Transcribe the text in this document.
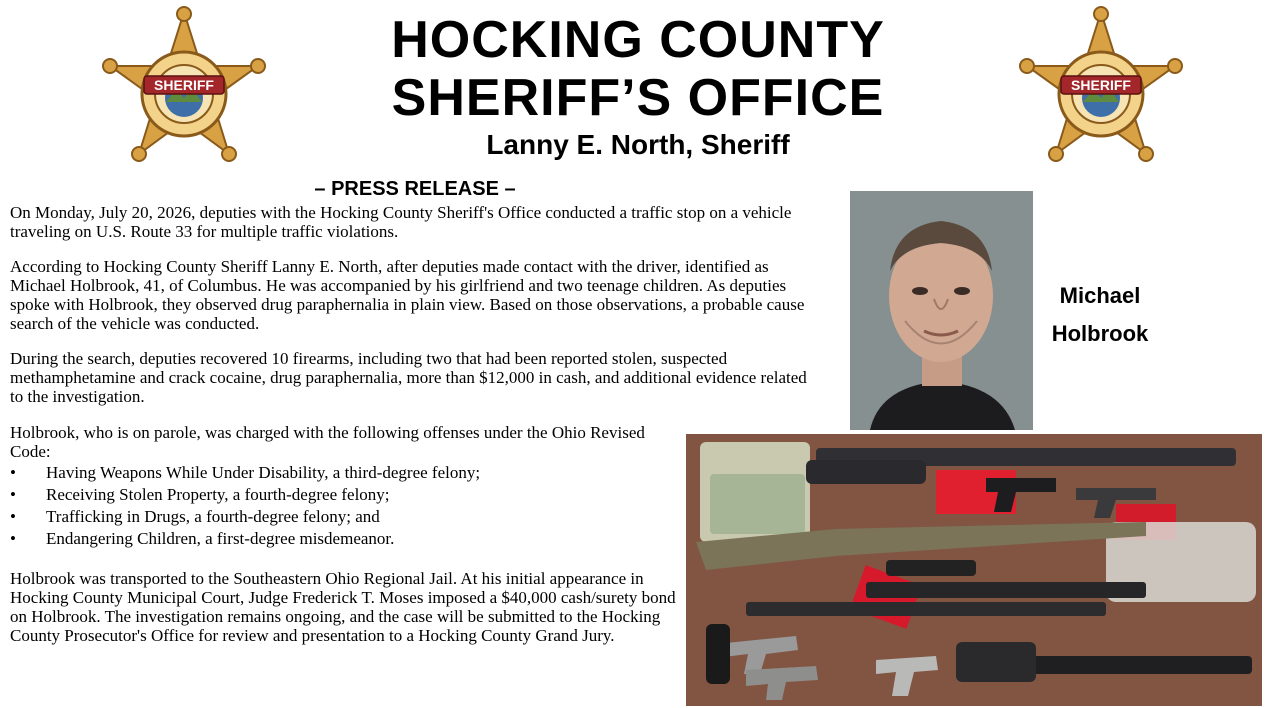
SHERIFF	SHERIFF
HOCKING COUNTY
SHERIFF’S OFFICE
Lanny E. North, Sheriff
– PRESS RELEASE –

On Monday, July 20, 2026, deputies with the Hocking County Sheriff's Office conducted a traffic stop on a vehicle traveling on U.S. Route 33 for multiple traffic violations.

According to Hocking County Sheriff Lanny E. North, after deputies made contact with the driver, identified as Michael Holbrook, 41, of Columbus. He was accompanied by his girlfriend and two teenage children. As deputies spoke with Holbrook, they observed drug paraphernalia in plain view. Based on those observations, a probable cause search of the vehicle was conducted.

During the search, deputies recovered 10 firearms, including two that had been reported stolen, suspected methamphetamine and crack cocaine, drug paraphernalia, more than $12,000 in cash, and additional evidence related to the investigation.

Holbrook, who is on parole, was charged with the following offenses under the Ohio Revised Code:

• Having Weapons While Under Disability, a third-degree felony;
• Receiving Stolen Property, a fourth-degree felony;
• Trafficking in Drugs, a fourth-degree felony; and
• Endangering Children, a first-degree misdemeanor.

Holbrook was transported to the Southeastern Ohio Regional Jail. At his initial appearance in Hocking County Municipal Court, Judge Frederick T. Moses imposed a $40,000 cash/surety bond on Holbrook. The investigation remains ongoing, and the case will be submitted to the Hocking County Prosecutor's Office for review and presentation to a Hocking County Grand Jury.

Michael
Holbrook
